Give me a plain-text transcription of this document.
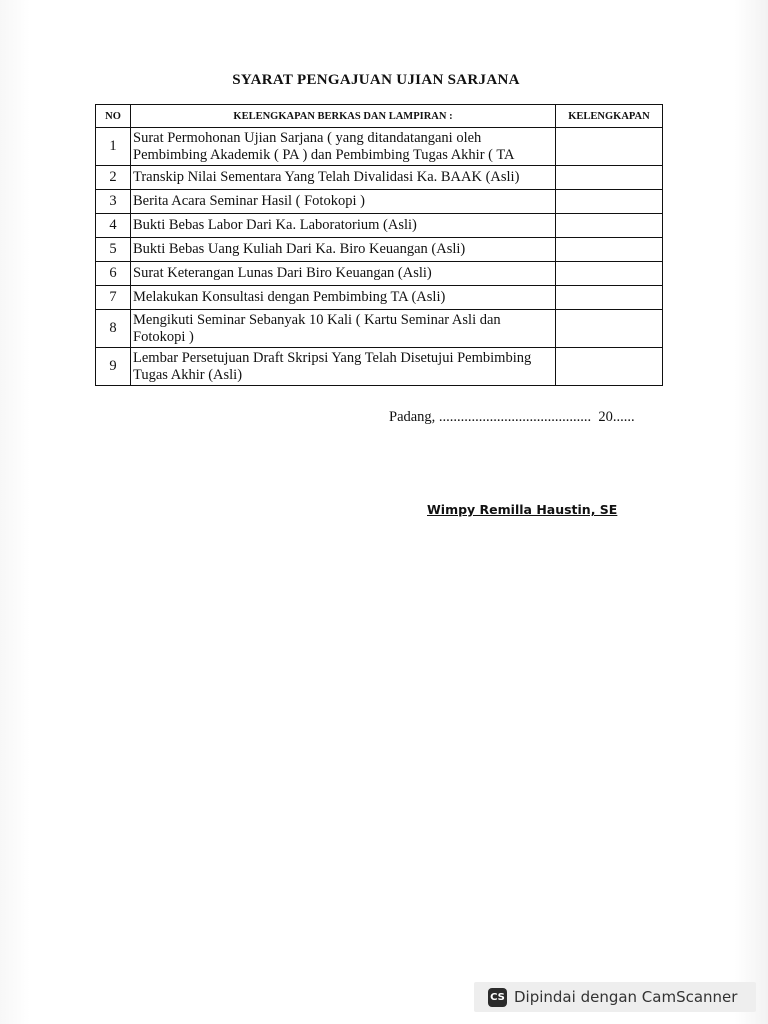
SYARAT PENGAJUAN UJIAN SARJANA
NO	KELENGKAPAN BERKAS DAN LAMPIRAN :	KELENGKAPAN
1	Surat Permohonan Ujian Sarjana ( yang ditandatangani oleh Pembimbing Akademik ( PA ) dan Pembimbing Tugas Akhir ( TA	
2	Transkip Nilai Sementara Yang Telah Divalidasi Ka. BAAK (Asli)	
3	Berita Acara Seminar Hasil ( Fotokopi )	
4	Bukti Bebas Labor Dari Ka. Laboratorium (Asli)	
5	Bukti Bebas Uang Kuliah Dari Ka. Biro Keuangan (Asli)	
6	Surat Keterangan Lunas Dari Biro Keuangan (Asli)	
7	Melakukan Konsultasi dengan Pembimbing TA (Asli)	
8	Mengikuti Seminar Sebanyak 10 Kali ( Kartu Seminar Asli dan Fotokopi )	
9	Lembar Persetujuan Draft Skripsi Yang Telah Disetujui Pembimbing Tugas Akhir (Asli)	
Padang, ..........................................  20......
Wimpy Remilla Haustin, SE
CS Dipindai dengan CamScanner
